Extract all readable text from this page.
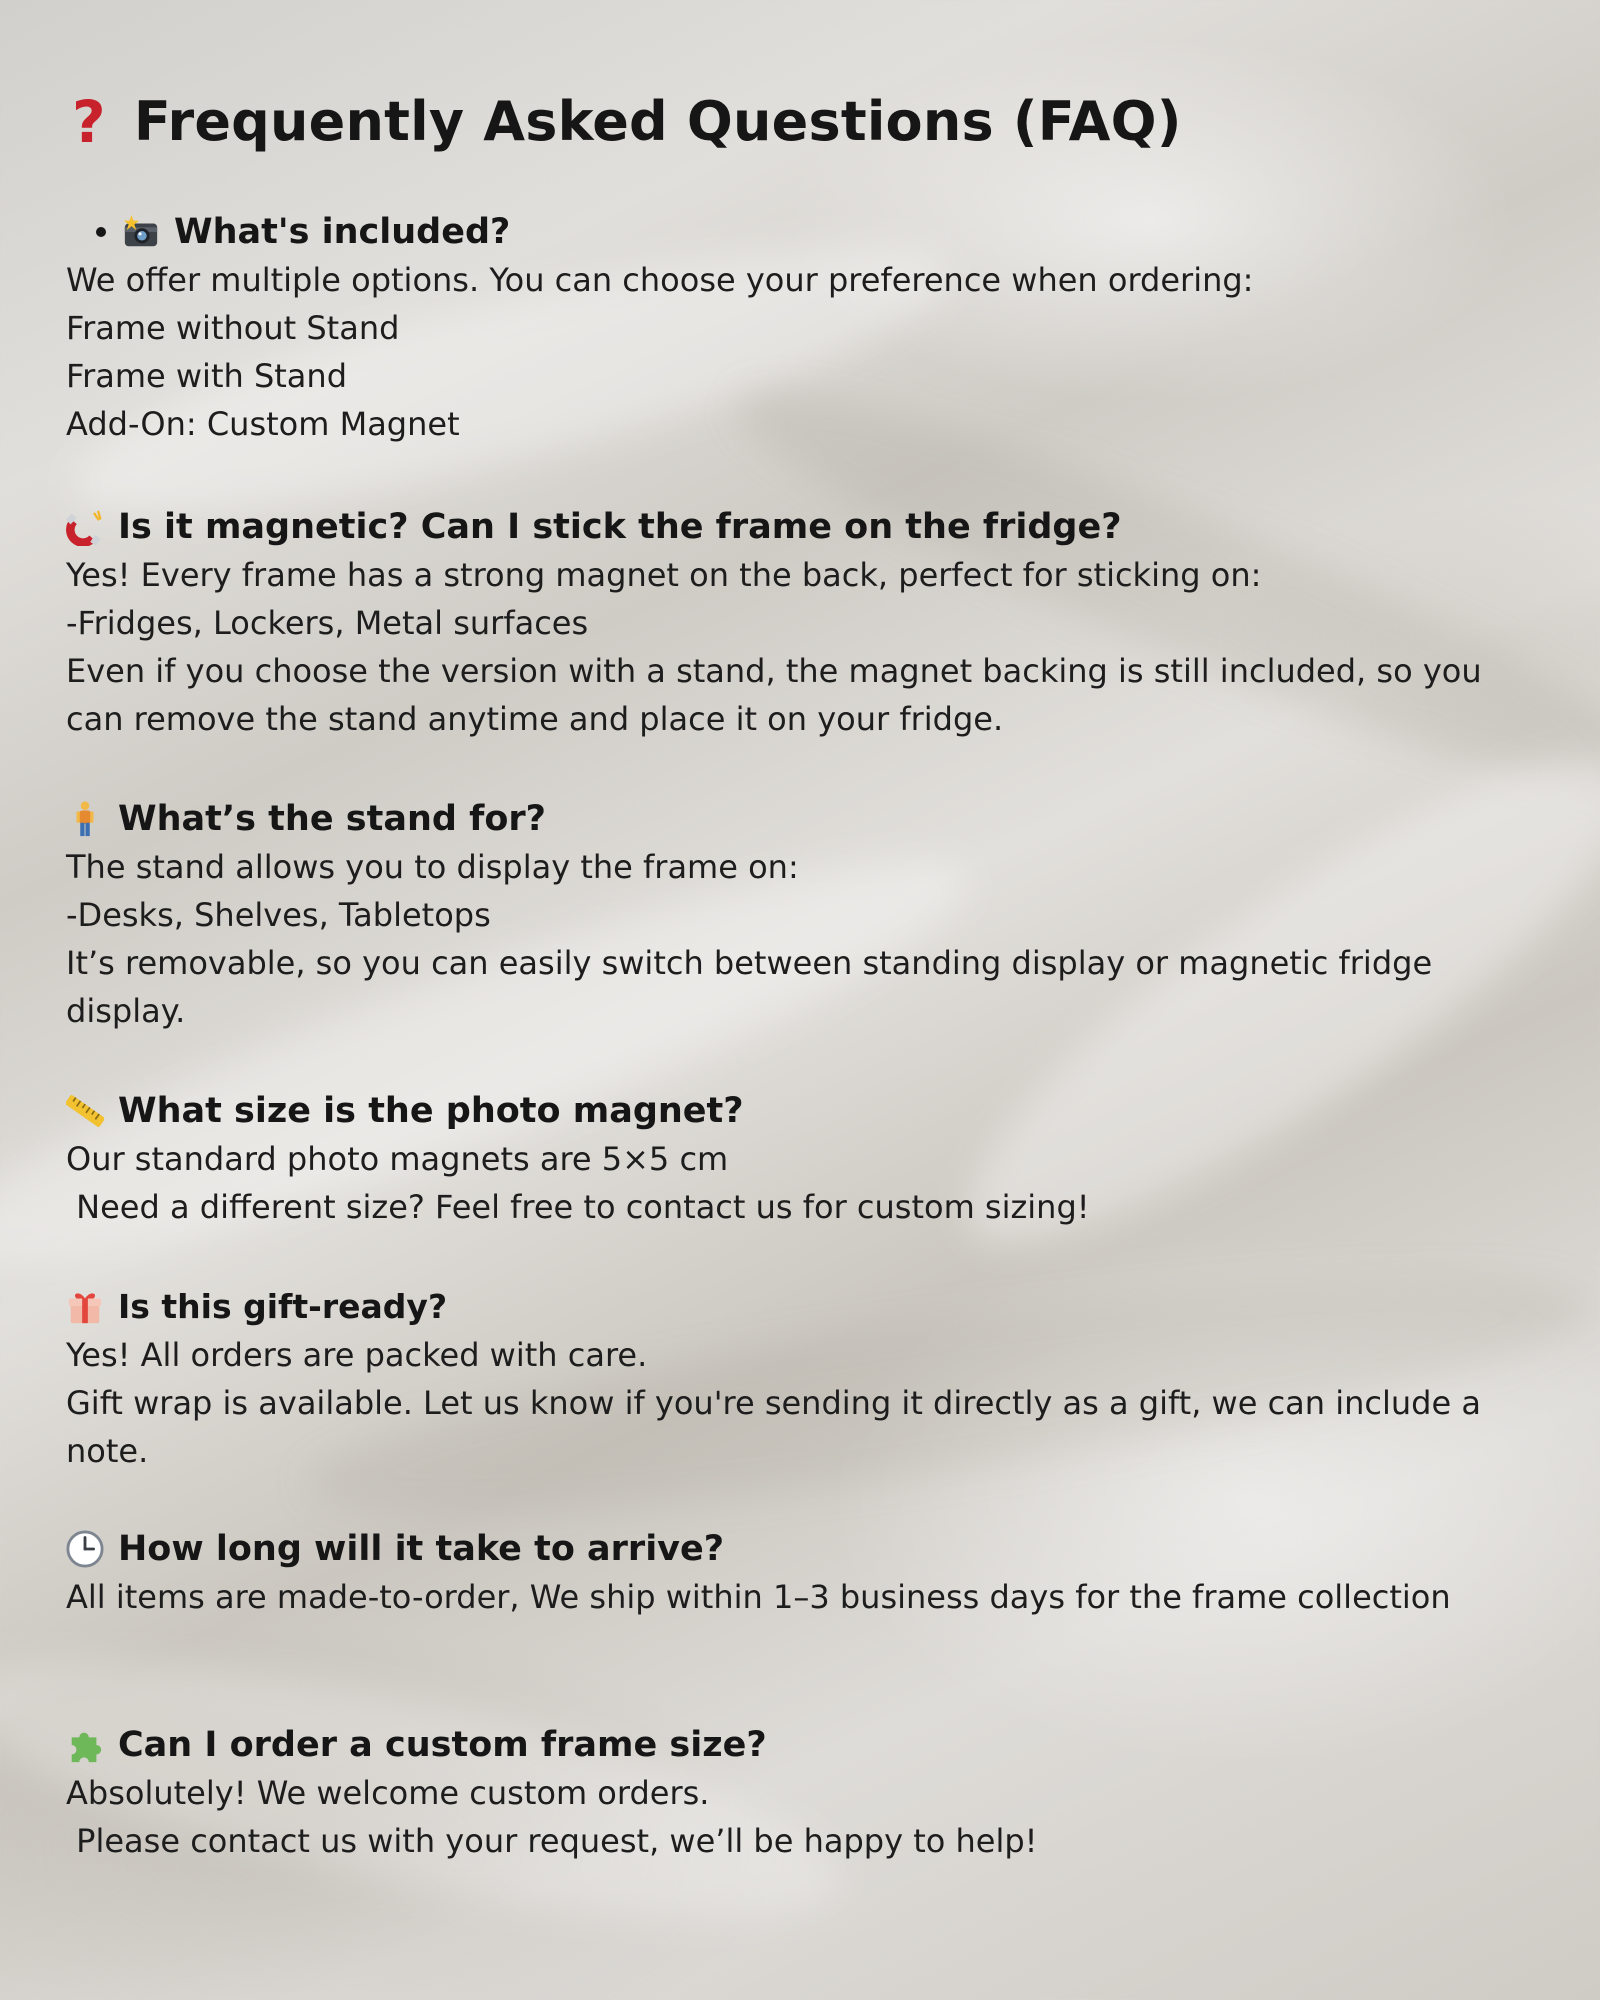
? Frequently Asked Questions (FAQ)
What's included?

We offer multiple options. You can choose your preference when ordering:

Frame without Stand

Frame with Stand

Add-On: Custom Magnet

Is it magnetic? Can I stick the frame on the fridge?

Yes! Every frame has a strong magnet on the back, perfect for sticking on:

-Fridges, Lockers, Metal surfaces

Even if you choose the version with a stand, the magnet backing is still included, so you can remove the stand anytime and place it on your fridge.

What’s the stand for?

The stand allows you to display the frame on:

-Desks, Shelves, Tabletops

It’s removable, so you can easily switch between standing display or magnetic fridge display.

What size is the photo magnet?

Our standard photo magnets are 5×5 cm

Need a different size? Feel free to contact us for custom sizing!

Is this gift-ready?

Yes! All orders are packed with care.

Gift wrap is available. Let us know if you're sending it directly as a gift, we can include a note.

How long will it take to arrive?

All items are made-to-order, We ship within 1–3 business days for the frame collection

Can I order a custom frame size?

Absolutely! We welcome custom orders.

Please contact us with your request, we’ll be happy to help!
